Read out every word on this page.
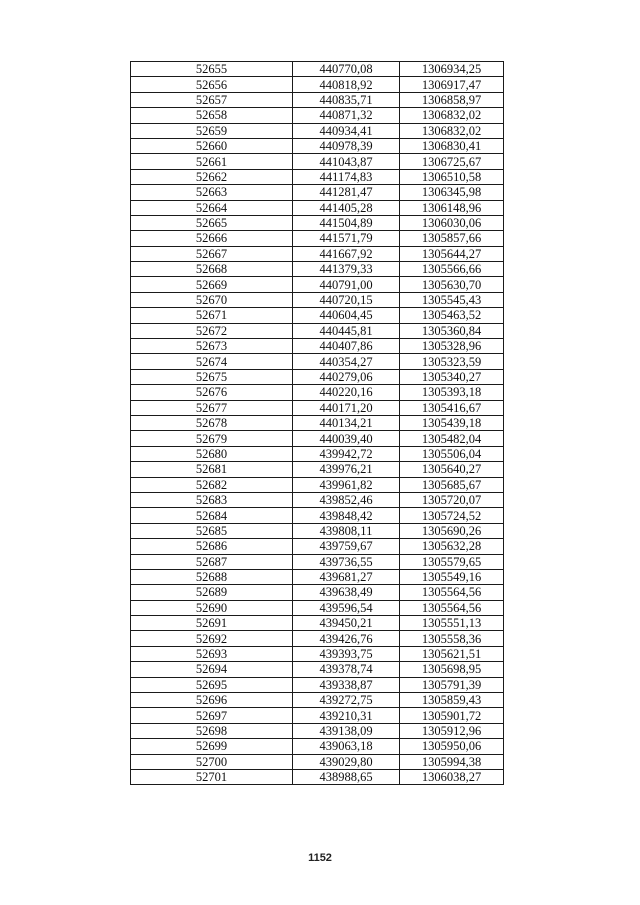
52655	440770,08	1306934,25
52656	440818,92	1306917,47
52657	440835,71	1306858,97
52658	440871,32	1306832,02
52659	440934,41	1306832,02
52660	440978,39	1306830,41
52661	441043,87	1306725,67
52662	441174,83	1306510,58
52663	441281,47	1306345,98
52664	441405,28	1306148,96
52665	441504,89	1306030,06
52666	441571,79	1305857,66
52667	441667,92	1305644,27
52668	441379,33	1305566,66
52669	440791,00	1305630,70
52670	440720,15	1305545,43
52671	440604,45	1305463,52
52672	440445,81	1305360,84
52673	440407,86	1305328,96
52674	440354,27	1305323,59
52675	440279,06	1305340,27
52676	440220,16	1305393,18
52677	440171,20	1305416,67
52678	440134,21	1305439,18
52679	440039,40	1305482,04
52680	439942,72	1305506,04
52681	439976,21	1305640,27
52682	439961,82	1305685,67
52683	439852,46	1305720,07
52684	439848,42	1305724,52
52685	439808,11	1305690,26
52686	439759,67	1305632,28
52687	439736,55	1305579,65
52688	439681,27	1305549,16
52689	439638,49	1305564,56
52690	439596,54	1305564,56
52691	439450,21	1305551,13
52692	439426,76	1305558,36
52693	439393,75	1305621,51
52694	439378,74	1305698,95
52695	439338,87	1305791,39
52696	439272,75	1305859,43
52697	439210,31	1305901,72
52698	439138,09	1305912,96
52699	439063,18	1305950,06
52700	439029,80	1305994,38
52701	438988,65	1306038,27
1152
